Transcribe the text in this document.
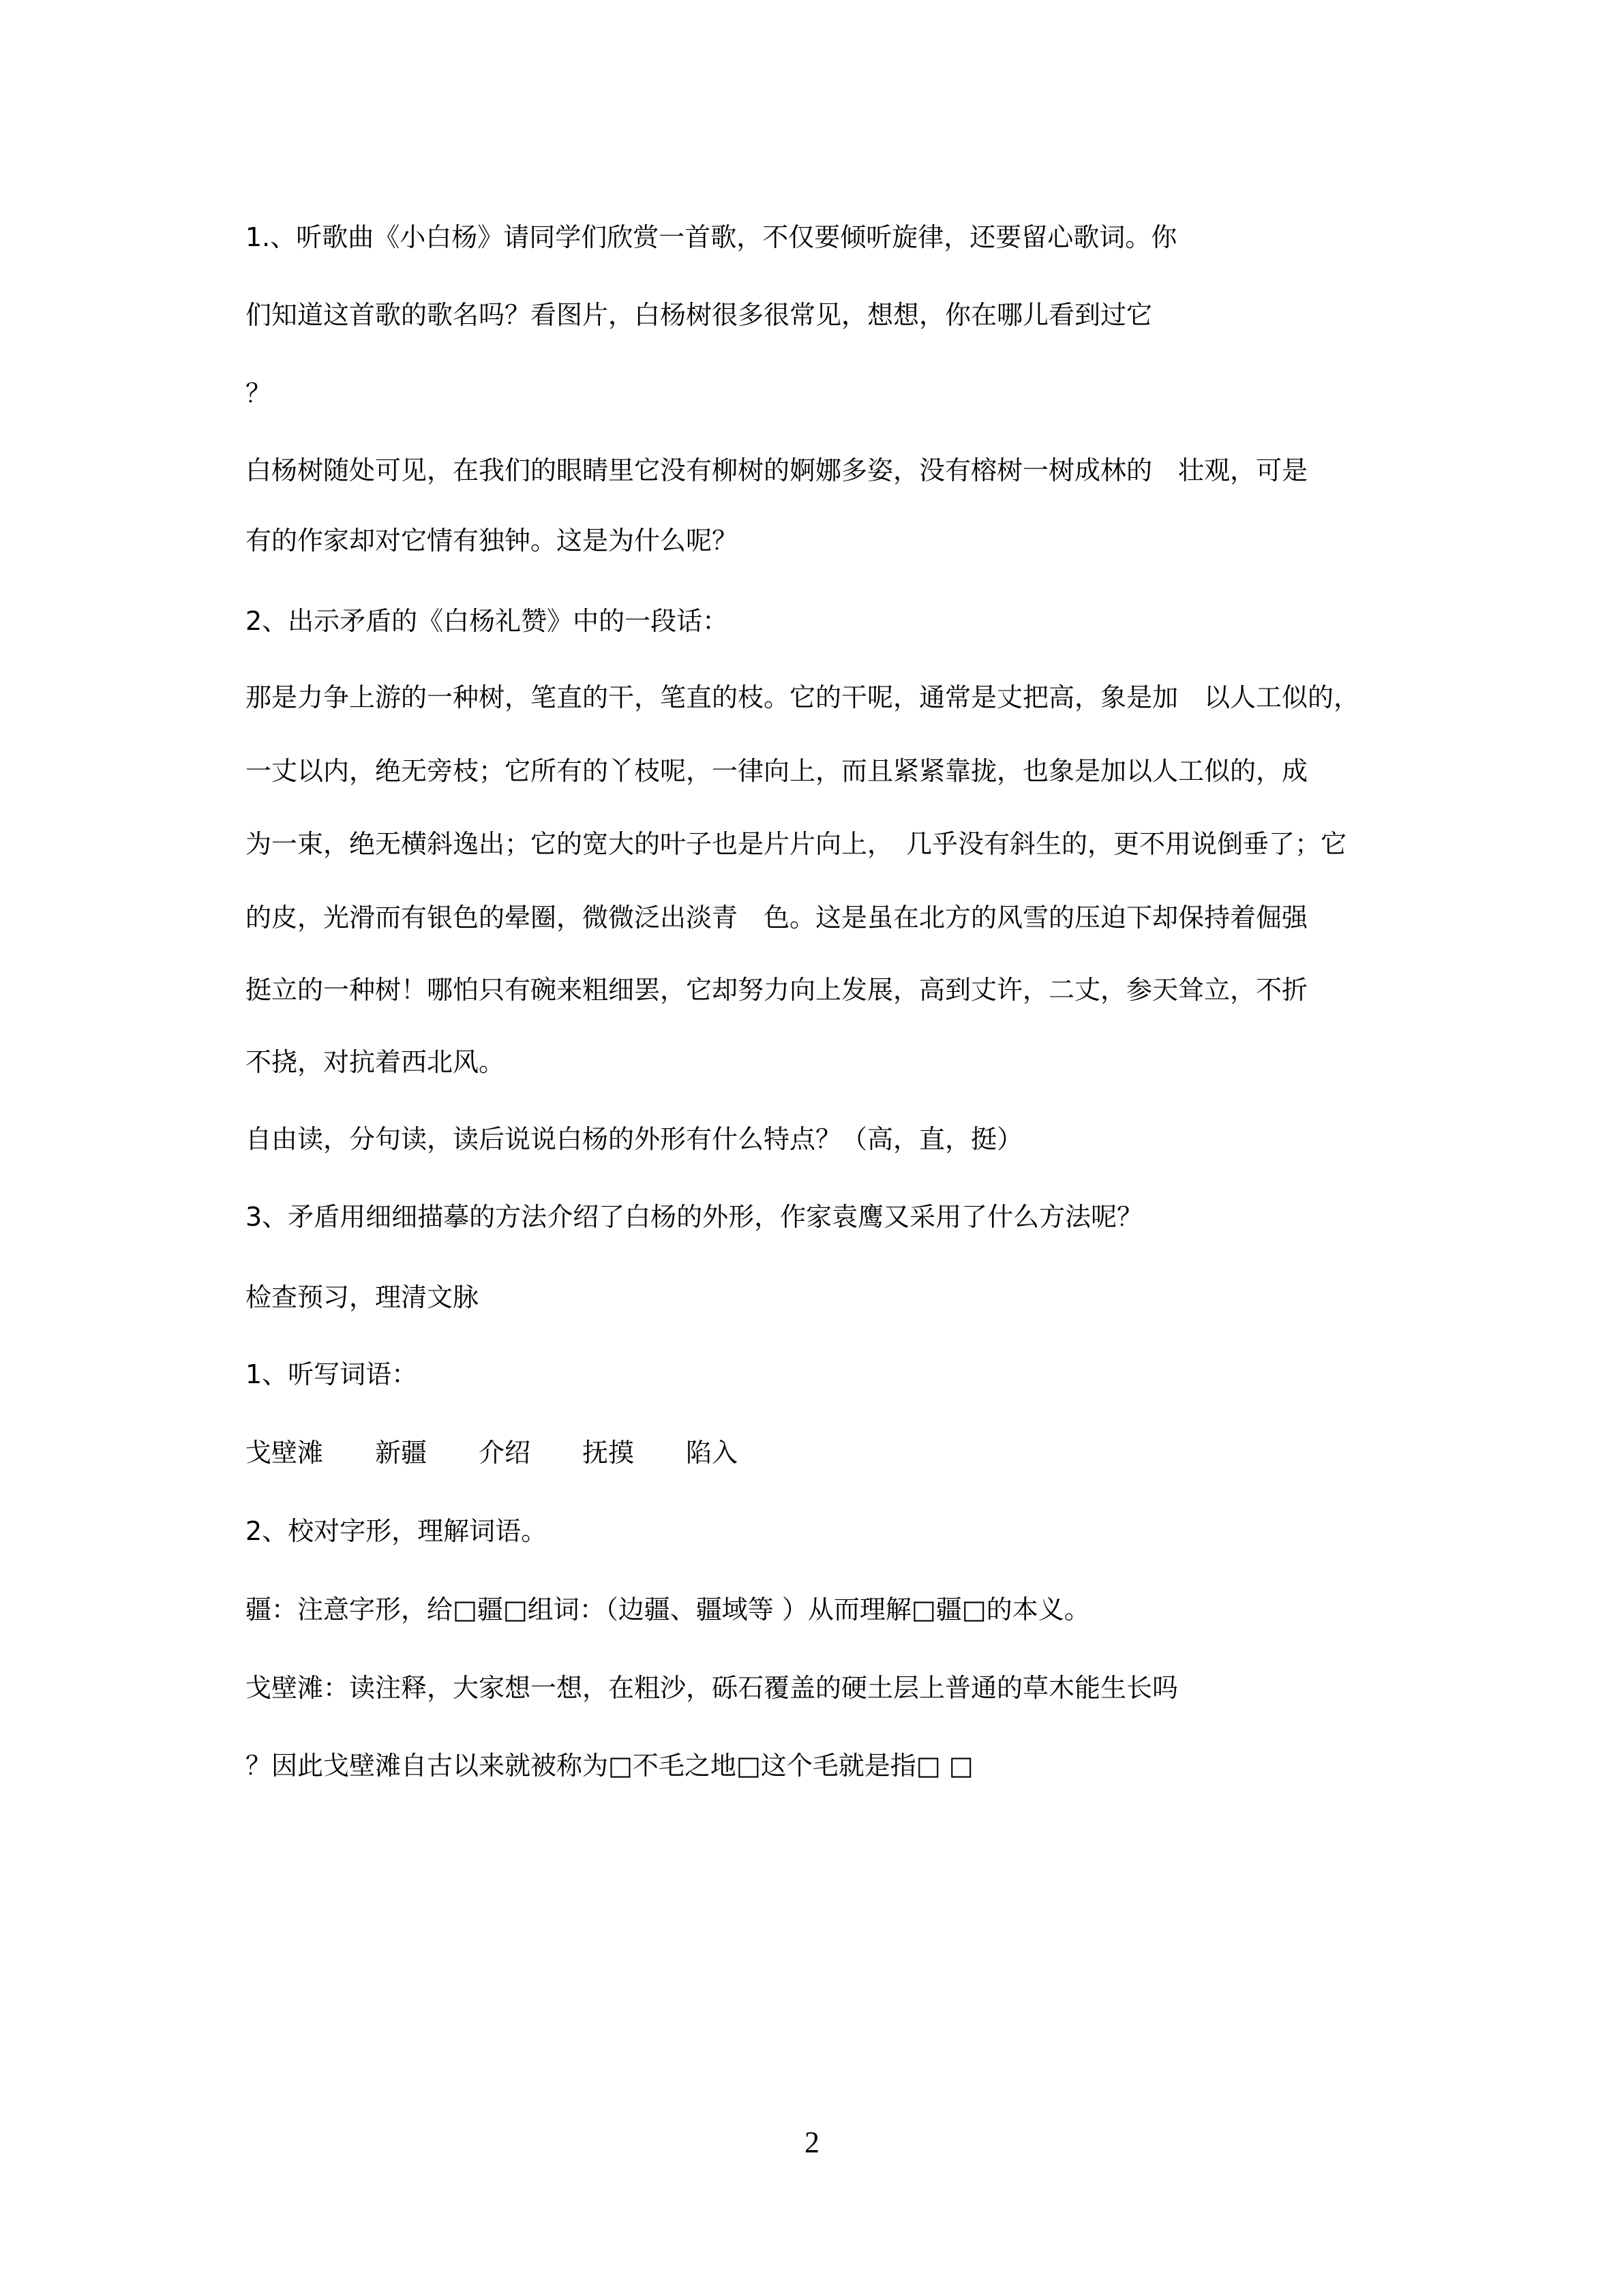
1.、听歌曲《小白杨》请同学们欣赏一首歌，不仅要倾听旋律，还要留心歌词。你
们知道这首歌的歌名吗？看图片，白杨树很多很常见，想想，你在哪儿看到过它
？
白杨树随处可见，在我们的眼睛里它没有柳树的婀娜多姿，没有榕树一树成林的　壮观，可是
有的作家却对它情有独钟。这是为什么呢？
2、出示矛盾的《白杨礼赞》中的一段话：
那是力争上游的一种树，笔直的干，笔直的枝。它的干呢，通常是丈把高，象是加　以人工似的，
一丈以内，绝无旁枝；它所有的丫枝呢，一律向上，而且紧紧靠拢，也象是加以人工似的，成
为一束，绝无横斜逸出；它的宽大的叶子也是片片向上，　几乎没有斜生的，更不用说倒垂了；它
的皮，光滑而有银色的晕圈，微微泛出淡青　色。这是虽在北方的风雪的压迫下却保持着倔强
挺立的一种树！哪怕只有碗来粗细罢，它却努力向上发展，高到丈许，二丈，参天耸立，不折
不挠，对抗着西北风。
自由读，分句读，读后说说白杨的外形有什么特点？（高，直，挺）
3、矛盾用细细描摹的方法介绍了白杨的外形，作家袁鹰又采用了什么方法呢？
检查预习，理清文脉
1、听写词语：
戈壁滩　　新疆　　介绍　　抚摸　　陷入
2、校对字形，理解词语。
疆：注意字形，给□疆□组词：（边疆、疆域等 ）从而理解□疆□的本义。
戈壁滩：读注释，大家想一想，在粗沙，砾石覆盖的硬土层上普通的草木能生长吗
？因此戈壁滩自古以来就被称为□不毛之地□这个毛就是指□ □
2
